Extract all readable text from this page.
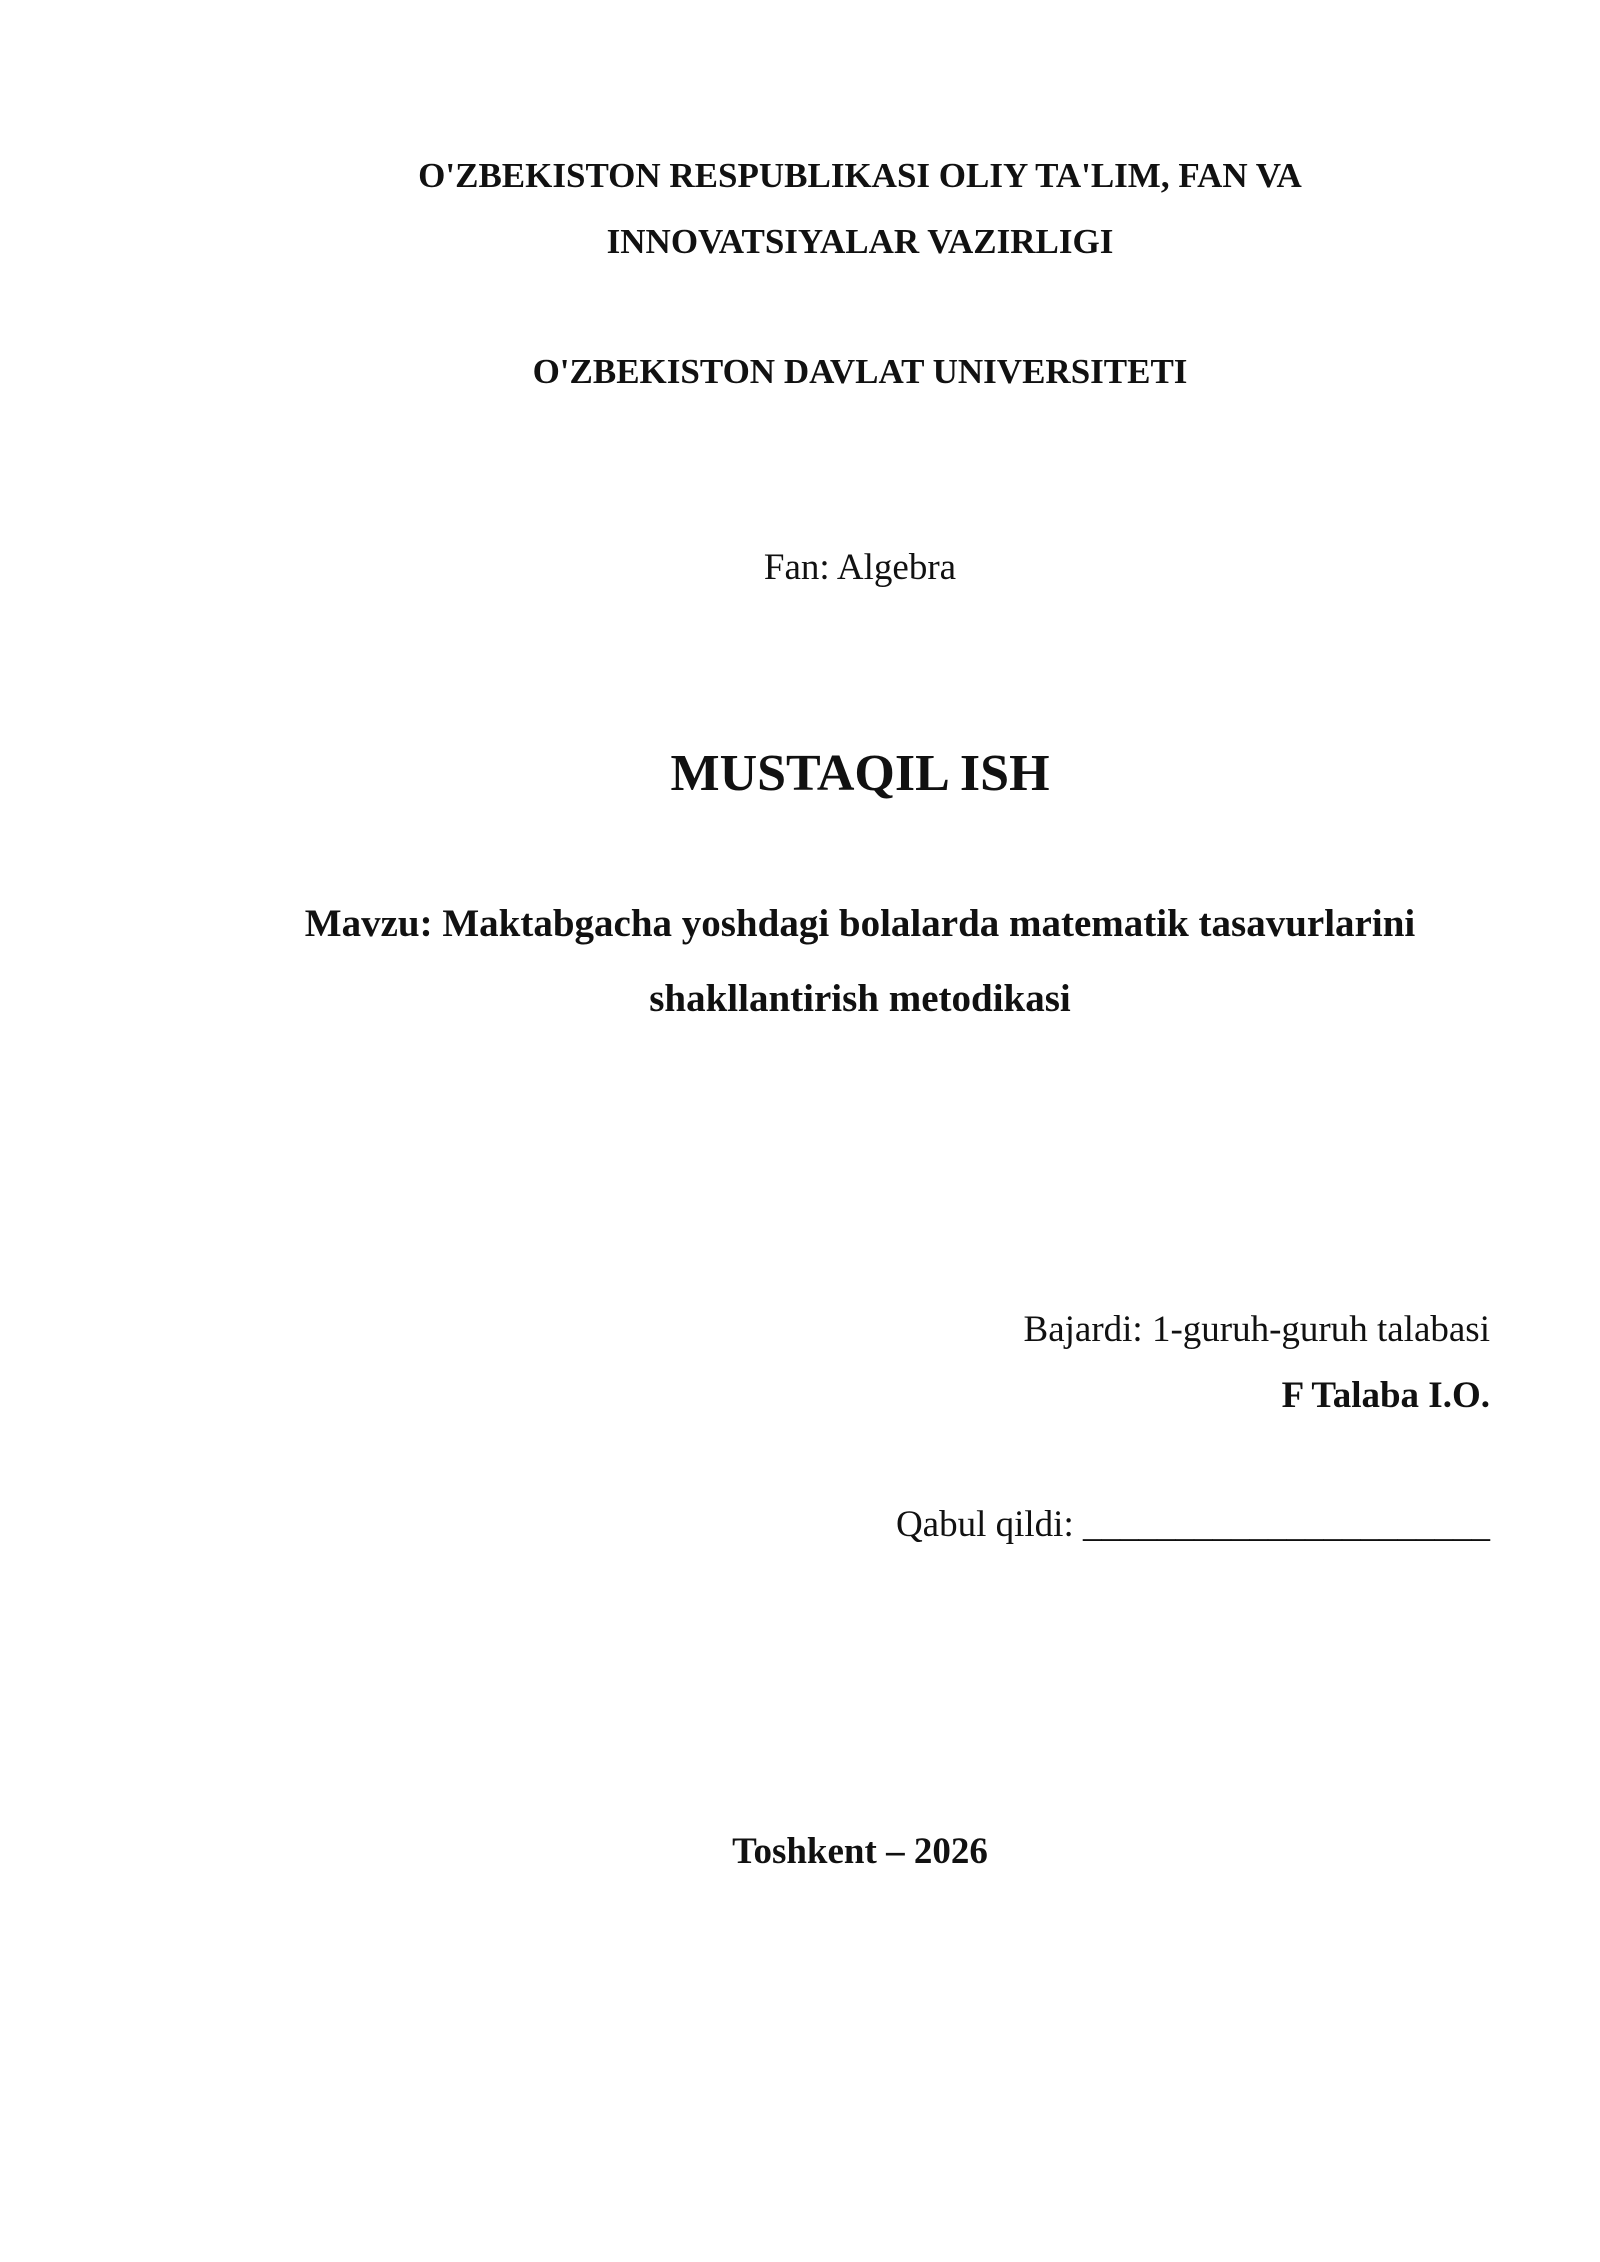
O'ZBEKISTON RESPUBLIKASI OLIY TA'LIM, FAN VA
INNOVATSIYALAR VAZIRLIGI
O'ZBEKISTON DAVLAT UNIVERSITETI
Fan: Algebra
MUSTAQIL ISH
Mavzu: Maktabgacha yoshdagi bolalarda matematik tasavurlarini
shakllantirish metodikasi
Bajardi: 1-guruh-guruh talabasi
F Talaba I.O.
Qabul qildi: ______________________
Toshkent – 2026
